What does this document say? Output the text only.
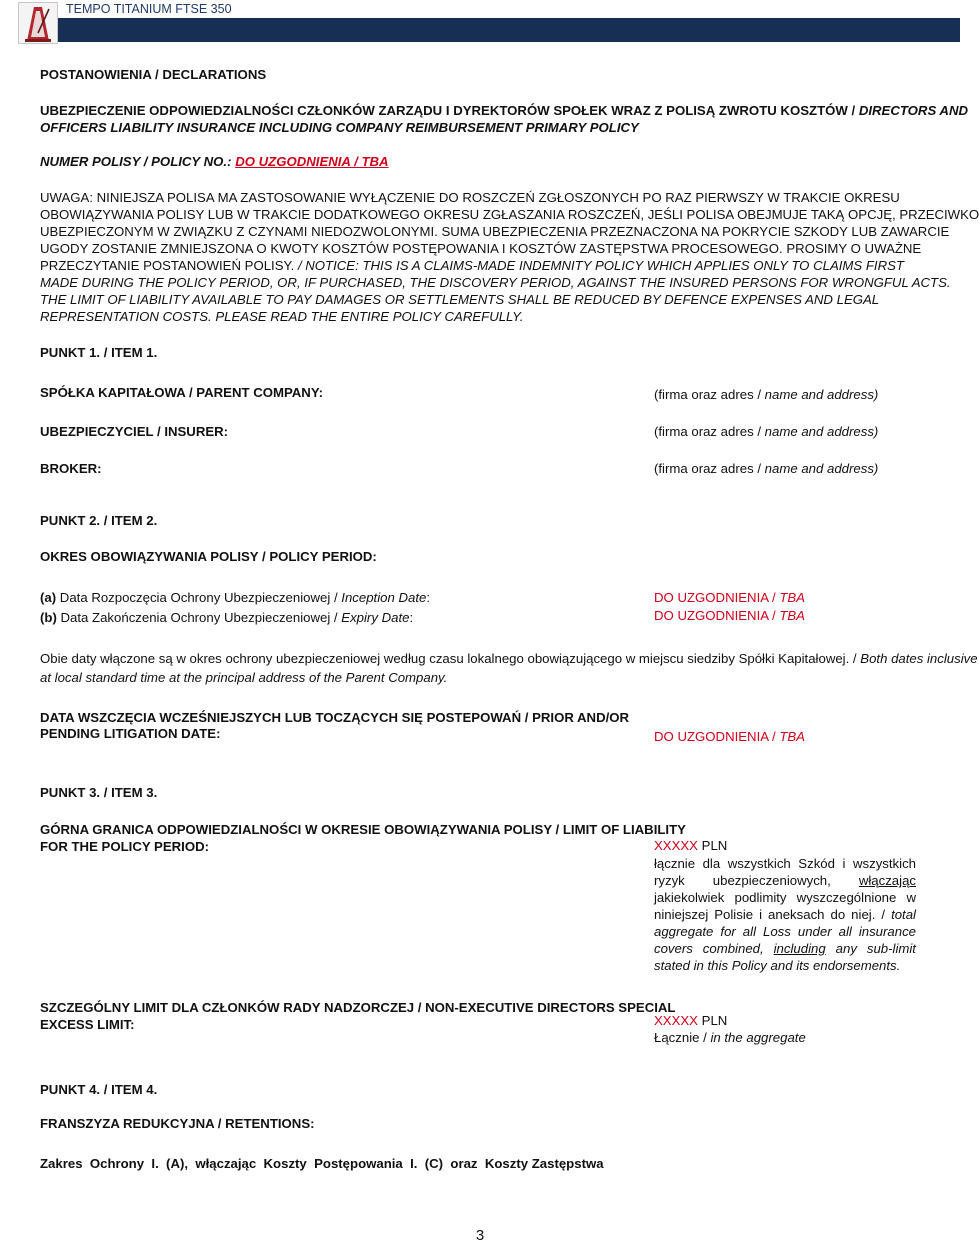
TEMPO TITANIUM FTSE 350
POSTANOWIENIA / DECLARATIONS
UBEZPIECZENIE ODPOWIEDZIALNOŚCI CZŁONKÓW ZARZĄDU I DYREKTORÓW SPOŁEK WRAZ Z POLISĄ ZWROTU KOSZTÓW / DIRECTORS AND
OFFICERS LIABILITY INSURANCE INCLUDING COMPANY REIMBURSEMENT PRIMARY POLICY
NUMER POLISY / POLICY NO.: DO UZGODNIENIA / TBA
UWAGA: NINIEJSZA POLISA MA ZASTOSOWANIE WYŁĄCZENIE DO ROSZCZEŃ ZGŁOSZONYCH PO RAZ PIERWSZY W TRAKCIE OKRESU
OBOWIĄZYWANIA POLISY LUB W TRAKCIE DODATKOWEGO OKRESU ZGŁASZANIA ROSZCZEŃ, JEŚLI POLISA OBEJMUJE TAKĄ OPCJĘ, PRZECIWKO
UBEZPIECZONYM W ZWIĄZKU Z CZYNAMI NIEDOZWOLONYMI. SUMA UBEZPIECZENIA PRZEZNACZONA NA POKRYCIE SZKODY LUB ZAWARCIE
UGODY ZOSTANIE ZMNIEJSZONA O KWOTY KOSZTÓW POSTĘPOWANIA I KOSZTÓW ZASTĘPSTWA PROCESOWEGO. PROSIMY O UWAŻNE
PRZECZYTANIE POSTANOWIEŃ POLISY. / NOTICE: THIS IS A CLAIMS-MADE INDEMNITY POLICY WHICH APPLIES ONLY TO CLAIMS FIRST
MADE DURING THE POLICY PERIOD, OR, IF PURCHASED, THE DISCOVERY PERIOD, AGAINST THE INSURED PERSONS FOR WRONGFUL ACTS.
THE LIMIT OF LIABILITY AVAILABLE TO PAY DAMAGES OR SETTLEMENTS SHALL BE REDUCED BY DEFENCE EXPENSES AND LEGAL
REPRESENTATION COSTS. PLEASE READ THE ENTIRE POLICY CAREFULLY.
PUNKT 1. / ITEM 1.
SPÓŁKA KAPITAŁOWA / PARENT COMPANY:	(firma oraz adres / name and address)
UBEZPIECZYCIEL / INSURER:	(firma oraz adres / name and address)
BROKER:	(firma oraz adres / name and address)
PUNKT 2. / ITEM 2.
OKRES OBOWIĄZYWANIA POLISY / POLICY PERIOD:
(a) Data Rozpoczęcia Ochrony Ubezpieczeniowej / Inception Date:	DO UZGODNIENIA / TBA
(b) Data Zakończenia Ochrony Ubezpieczeniowej / Expiry Date:	DO UZGODNIENIA / TBA
Obie daty włączone są w okres ochrony ubezpieczeniowej według czasu lokalnego obowiązującego w miejscu siedziby Spółki Kapitałowej. / Both dates inclusive
at local standard time at the principal address of the Parent Company.
DATA WSZCZĘCIA WCZEŚNIEJSZYCH LUB TOCZĄCYCH SIĘ POSTEPOWAŃ / PRIOR AND/OR
PENDING LITIGATION DATE:	DO UZGODNIENIA / TBA
PUNKT 3. / ITEM 3.
GÓRNA GRANICA ODPOWIEDZIALNOŚCI W OKRESIE OBOWIĄZYWANIA POLISY / LIMIT OF LIABILITY
FOR THE POLICY PERIOD:	XXXXX PLN
łącznie dla wszystkich Szkód i wszystkich ryzyk ubezpieczeniowych, włączając jakiekolwiek podlimity wyszczególnione w niniejszej Polisie i aneksach do niej. / total aggregate for all Loss under all insurance covers combined, including any sub-limit stated in this Policy and its endorsements.
SZCZEGÓLNY LIMIT DLA CZŁONKÓW RADY NADZORCZEJ / NON-EXECUTIVE DIRECTORS SPECIAL
EXCESS LIMIT:	XXXXX PLN
Łącznie / in the aggregate
PUNKT 4. / ITEM 4.
FRANSZYZA REDUKCYJNA / RETENTIONS:
Zakres  Ochrony  I.  (A),  włączając  Koszty  Postępowania  I.  (C)  oraz  Koszty Zastępstwa
3
